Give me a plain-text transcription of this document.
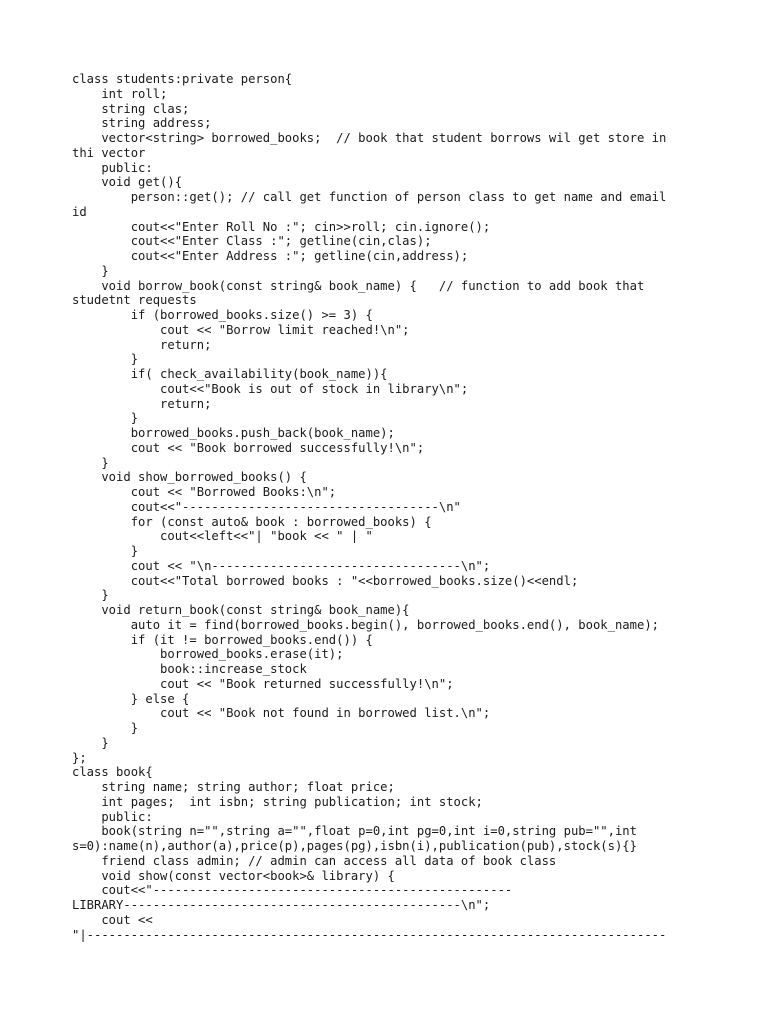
class students:private person{
int roll;
string clas;
string address;
vector<string> borrowed_books;  // book that student borrows wil get store in
thi vector
public:
void get(){
person::get(); // call get function of person class to get name and email
id
cout<<"Enter Roll No :"; cin>>roll; cin.ignore();
cout<<"Enter Class :"; getline(cin,clas);
cout<<"Enter Address :"; getline(cin,address);
}
void borrow_book(const string& book_name) {   // function to add book that
studetnt requests
if (borrowed_books.size() >= 3) {
cout << "Borrow limit reached!\n";
return;
}
if( check_availability(book_name)){
cout<<"Book is out of stock in library\n";
return;
}
borrowed_books.push_back(book_name);
cout << "Book borrowed successfully!\n";
}
void show_borrowed_books() {
cout << "Borrowed Books:\n";
cout<<"-----------------------------------\n"
for (const auto& book : borrowed_books) {
cout<<left<<"| "book << " | "
}
cout << "\n----------------------------------\n";
cout<<"Total borrowed books : "<<borrowed_books.size()<<endl;
}
void return_book(const string& book_name){
auto it = find(borrowed_books.begin(), borrowed_books.end(), book_name);
if (it != borrowed_books.end()) {
borrowed_books.erase(it);
book::increase_stock
cout << "Book returned successfully!\n";
} else {
cout << "Book not found in borrowed list.\n";
}
}
};
class book{
string name; string author; float price;
int pages;  int isbn; string publication; int stock;
public:
book(string n="",string a="",float p=0,int pg=0,int i=0,string pub="",int
s=0):name(n),author(a),price(p),pages(pg),isbn(i),publication(pub),stock(s){}
friend class admin; // admin can access all data of book class
void show(const vector<book>& library) {
cout<<"-------------------------------------------------
LIBRARY----------------------------------------------\n";
cout <<
"|-------------------------------------------------------------------------------
